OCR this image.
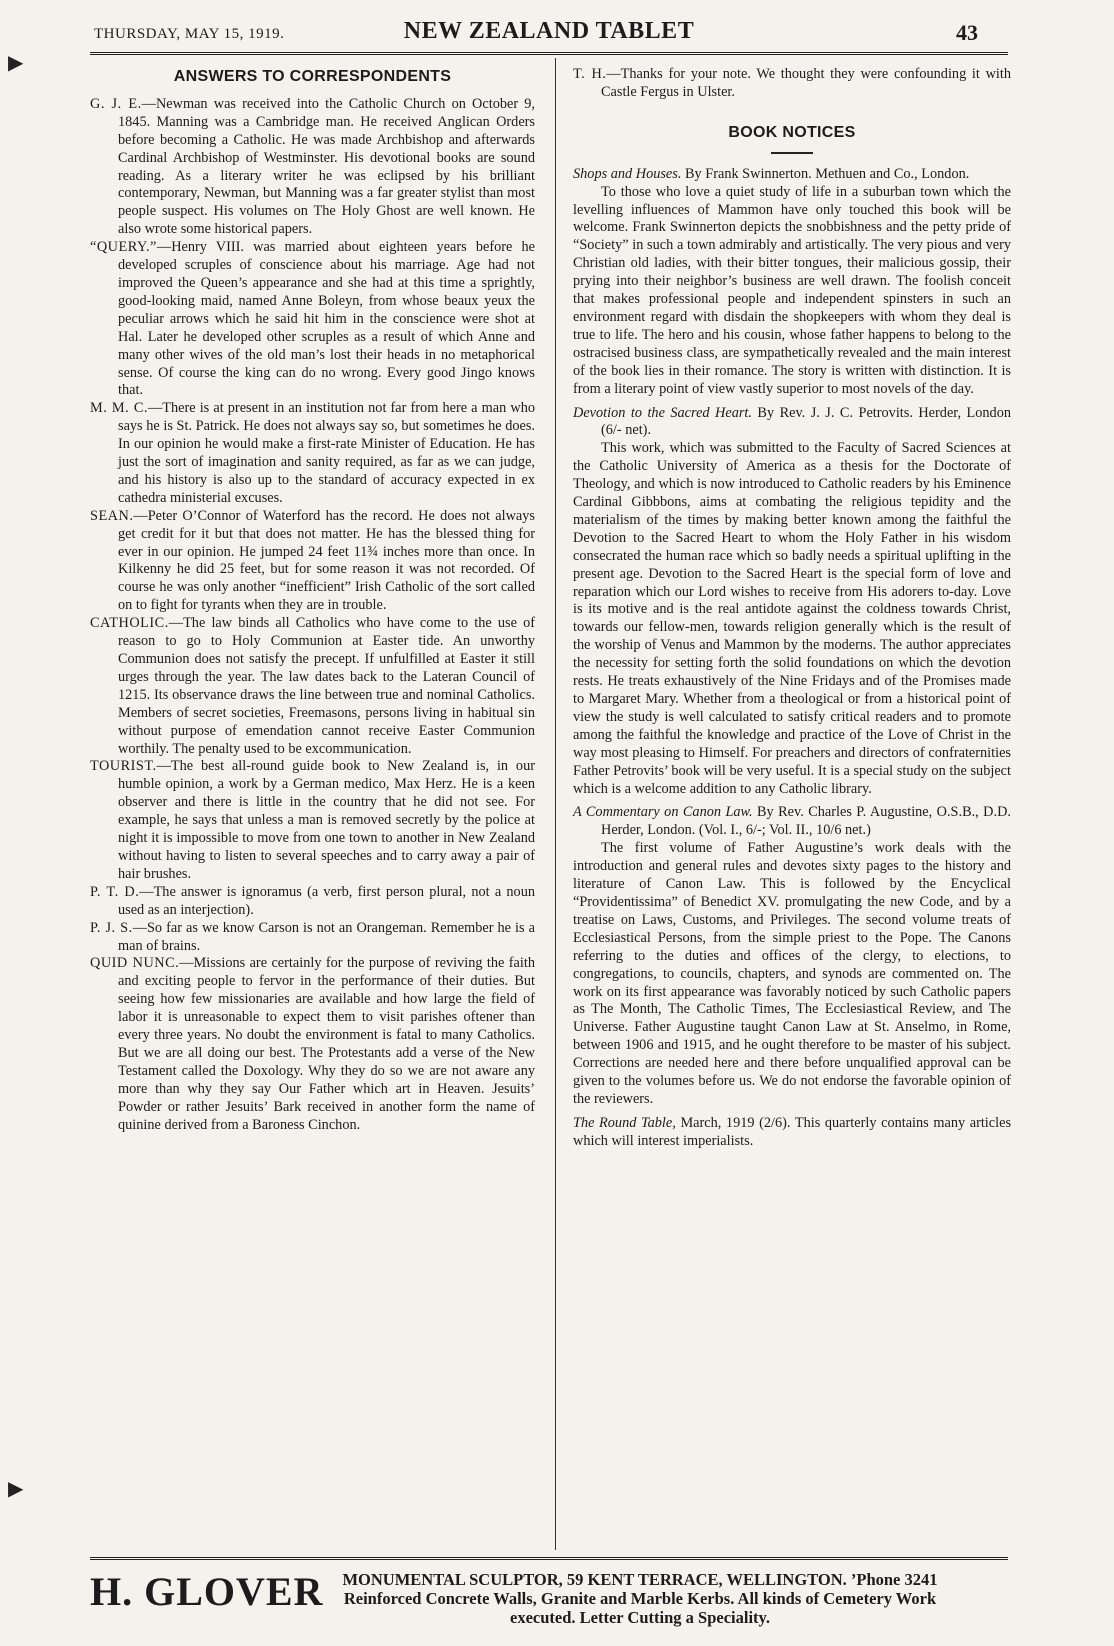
THURSDAY, MAY 15, 1919.	NEW ZEALAND TABLET	43
▶
▶
ANSWERS TO CORRESPONDENTS

G. J. E.—Newman was received into the Catholic Church on October 9, 1845. Manning was a Cambridge man. He received Anglican Orders before becoming a Catholic. He was made Archbishop and afterwards Cardinal Archbishop of Westminster. His devotional books are sound reading. As a literary writer he was eclipsed by his brilliant contemporary, Newman, but Manning was a far greater stylist than most people suspect. His volumes on The Holy Ghost are well known. He also wrote some historical papers.

“QUERY.”—Henry VIII. was married about eighteen years before he developed scruples of conscience about his marriage. Age had not improved the Queen’s appearance and she had at this time a sprightly, good-looking maid, named Anne Boleyn, from whose beaux yeux the peculiar arrows which he said hit him in the conscience were shot at Hal. Later he developed other scruples as a result of which Anne and many other wives of the old man’s lost their heads in no metaphorical sense. Of course the king can do no wrong. Every good Jingo knows that.

M. M. C.—There is at present in an institution not far from here a man who says he is St. Patrick. He does not always say so, but sometimes he does. In our opinion he would make a first-rate Minister of Education. He has just the sort of imagination and sanity required, as far as we can judge, and his history is also up to the standard of accuracy expected in ex cathedra ministerial excuses.

SEAN.—Peter O’Connor of Waterford has the record. He does not always get credit for it but that does not matter. He has the blessed thing for ever in our opinion. He jumped 24 feet 11¾ inches more than once. In Kilkenny he did 25 feet, but for some reason it was not recorded. Of course he was only another “inefficient” Irish Catholic of the sort called on to fight for tyrants when they are in trouble.

CATHOLIC.—The law binds all Catholics who have come to the use of reason to go to Holy Communion at Easter tide. An unworthy Communion does not satisfy the precept. If unfulfilled at Easter it still urges through the year. The law dates back to the Lateran Council of 1215. Its observance draws the line between true and nominal Catholics. Members of secret societies, Freemasons, persons living in habitual sin without purpose of emendation cannot receive Easter Communion worthily. The penalty used to be excommunication.

TOURIST.—The best all-round guide book to New Zealand is, in our humble opinion, a work by a German medico, Max Herz. He is a keen observer and there is little in the country that he did not see. For example, he says that unless a man is removed secretly by the police at night it is impossible to move from one town to another in New Zealand without having to listen to several speeches and to carry away a pair of hair brushes.

P. T. D.—The answer is ignoramus (a verb, first person plural, not a noun used as an interjection).

P. J. S.—So far as we know Carson is not an Orangeman. Remember he is a man of brains.

QUID NUNC.—Missions are certainly for the purpose of reviving the faith and exciting people to fervor in the performance of their duties. But seeing how few missionaries are available and how large the field of labor it is unreasonable to expect them to visit parishes oftener than every three years. No doubt the environment is fatal to many Catholics. But we are all doing our best. The Protestants add a verse of the New Testament called the Doxology. Why they do so we are not aware any more than why they say Our Father which art in Heaven. Jesuits’ Powder or rather Jesuits’ Bark received in another form the name of quinine derived from a Baroness Cinchon.

T. H.—Thanks for your note. We thought they were confounding it with Castle Fergus in Ulster.

BOOK NOTICES

Shops and Houses. By Frank Swinnerton. Methuen and Co., London.

To those who love a quiet study of life in a suburban town which the levelling influences of Mammon have only touched this book will be welcome. Frank Swinnerton depicts the snobbishness and the petty pride of “Society” in such a town admirably and artistically. The very pious and very Christian old ladies, with their bitter tongues, their malicious gossip, their prying into their neighbor’s business are well drawn. The foolish conceit that makes professional people and independent spinsters in such an environment regard with disdain the shopkeepers with whom they deal is true to life. The hero and his cousin, whose father happens to belong to the ostracised business class, are sympathetically revealed and the main interest of the book lies in their romance. The story is written with distinction. It is from a literary point of view vastly superior to most novels of the day.

Devotion to the Sacred Heart. By Rev. J. J. C. Petrovits. Herder, London (6/- net).

This work, which was submitted to the Faculty of Sacred Sciences at the Catholic University of America as a thesis for the Doctorate of Theology, and which is now introduced to Catholic readers by his Eminence Cardinal Gibbbons, aims at combating the religious tepidity and the materialism of the times by making better known among the faithful the Devotion to the Sacred Heart to whom the Holy Father in his wisdom consecrated the human race which so badly needs a spiritual uplifting in the present age. Devotion to the Sacred Heart is the special form of love and reparation which our Lord wishes to receive from His adorers to-day. Love is its motive and is the real antidote against the coldness towards Christ, towards our fellow-men, towards religion generally which is the result of the worship of Venus and Mammon by the moderns. The author appreciates the necessity for setting forth the solid foundations on which the devotion rests. He treats exhaustively of the Nine Fridays and of the Promises made to Margaret Mary. Whether from a theological or from a historical point of view the study is well calculated to satisfy critical readers and to promote among the faithful the knowledge and practice of the Love of Christ in the way most pleasing to Himself. For preachers and directors of confraternities Father Petrovits’ book will be very useful. It is a special study on the subject which is a welcome addition to any Catholic library.

A Commentary on Canon Law. By Rev. Charles P. Augustine, O.S.B., D.D. Herder, London. (Vol. I., 6/-; Vol. II., 10/6 net.)

The first volume of Father Augustine’s work deals with the introduction and general rules and devotes sixty pages to the history and literature of Canon Law. This is followed by the Encyclical “Providentissima” of Benedict XV. promulgating the new Code, and by a treatise on Laws, Customs, and Privileges. The second volume treats of Ecclesiastical Persons, from the simple priest to the Pope. The Canons referring to the duties and offices of the clergy, to elections, to congregations, to councils, chapters, and synods are commented on. The work on its first appearance was favorably noticed by such Catholic papers as The Month, The Catholic Times, The Ecclesiastical Review, and The Universe. Father Augustine taught Canon Law at St. Anselmo, in Rome, between 1906 and 1915, and he ought therefore to be master of his subject. Corrections are needed here and there before unqualified approval can be given to the volumes before us. We do not endorse the favorable opinion of the reviewers.

The Round Table, March, 1919 (2/6). This quarterly contains many articles which will interest imperialists.

H. GLOVER	MONUMENTAL SCULPTOR, 59 KENT TERRACE, WELLINGTON. ’Phone 3241
Reinforced Concrete Walls, Granite and Marble Kerbs. All kinds of Cemetery Work
executed. Letter Cutting a Speciality.
